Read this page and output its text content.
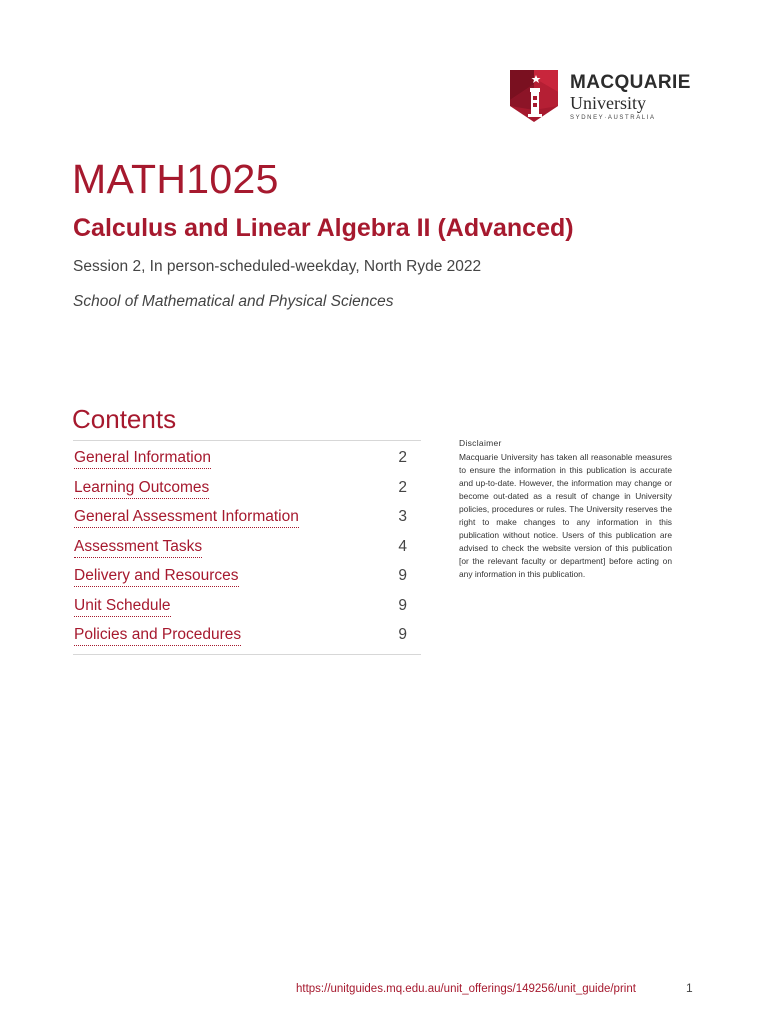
MACQUARIE
University
SYDNEY·AUSTRALIA
MATH1025
Calculus and Linear Algebra II (Advanced)
Session 2, In person-scheduled-weekday, North Ryde 2022
School of Mathematical and Physical Sciences
Contents
General Information	2
Learning Outcomes	2
General Assessment Information	3
Assessment Tasks	4
Delivery and Resources	9
Unit Schedule	9
Policies and Procedures	9
Disclaimer
Macquarie University has taken all reasonable measures to ensure the information in this publication is accurate and up-to-date. However, the information may change or become out-dated as a result of change in University policies, procedures or rules. The University reserves the right to make changes to any information in this publication without notice. Users of this publication are advised to check the website version of this publication [or the relevant faculty or department] before acting on any information in this publication.
https://unitguides.mq.edu.au/unit_offerings/149256/unit_guide/print	1
